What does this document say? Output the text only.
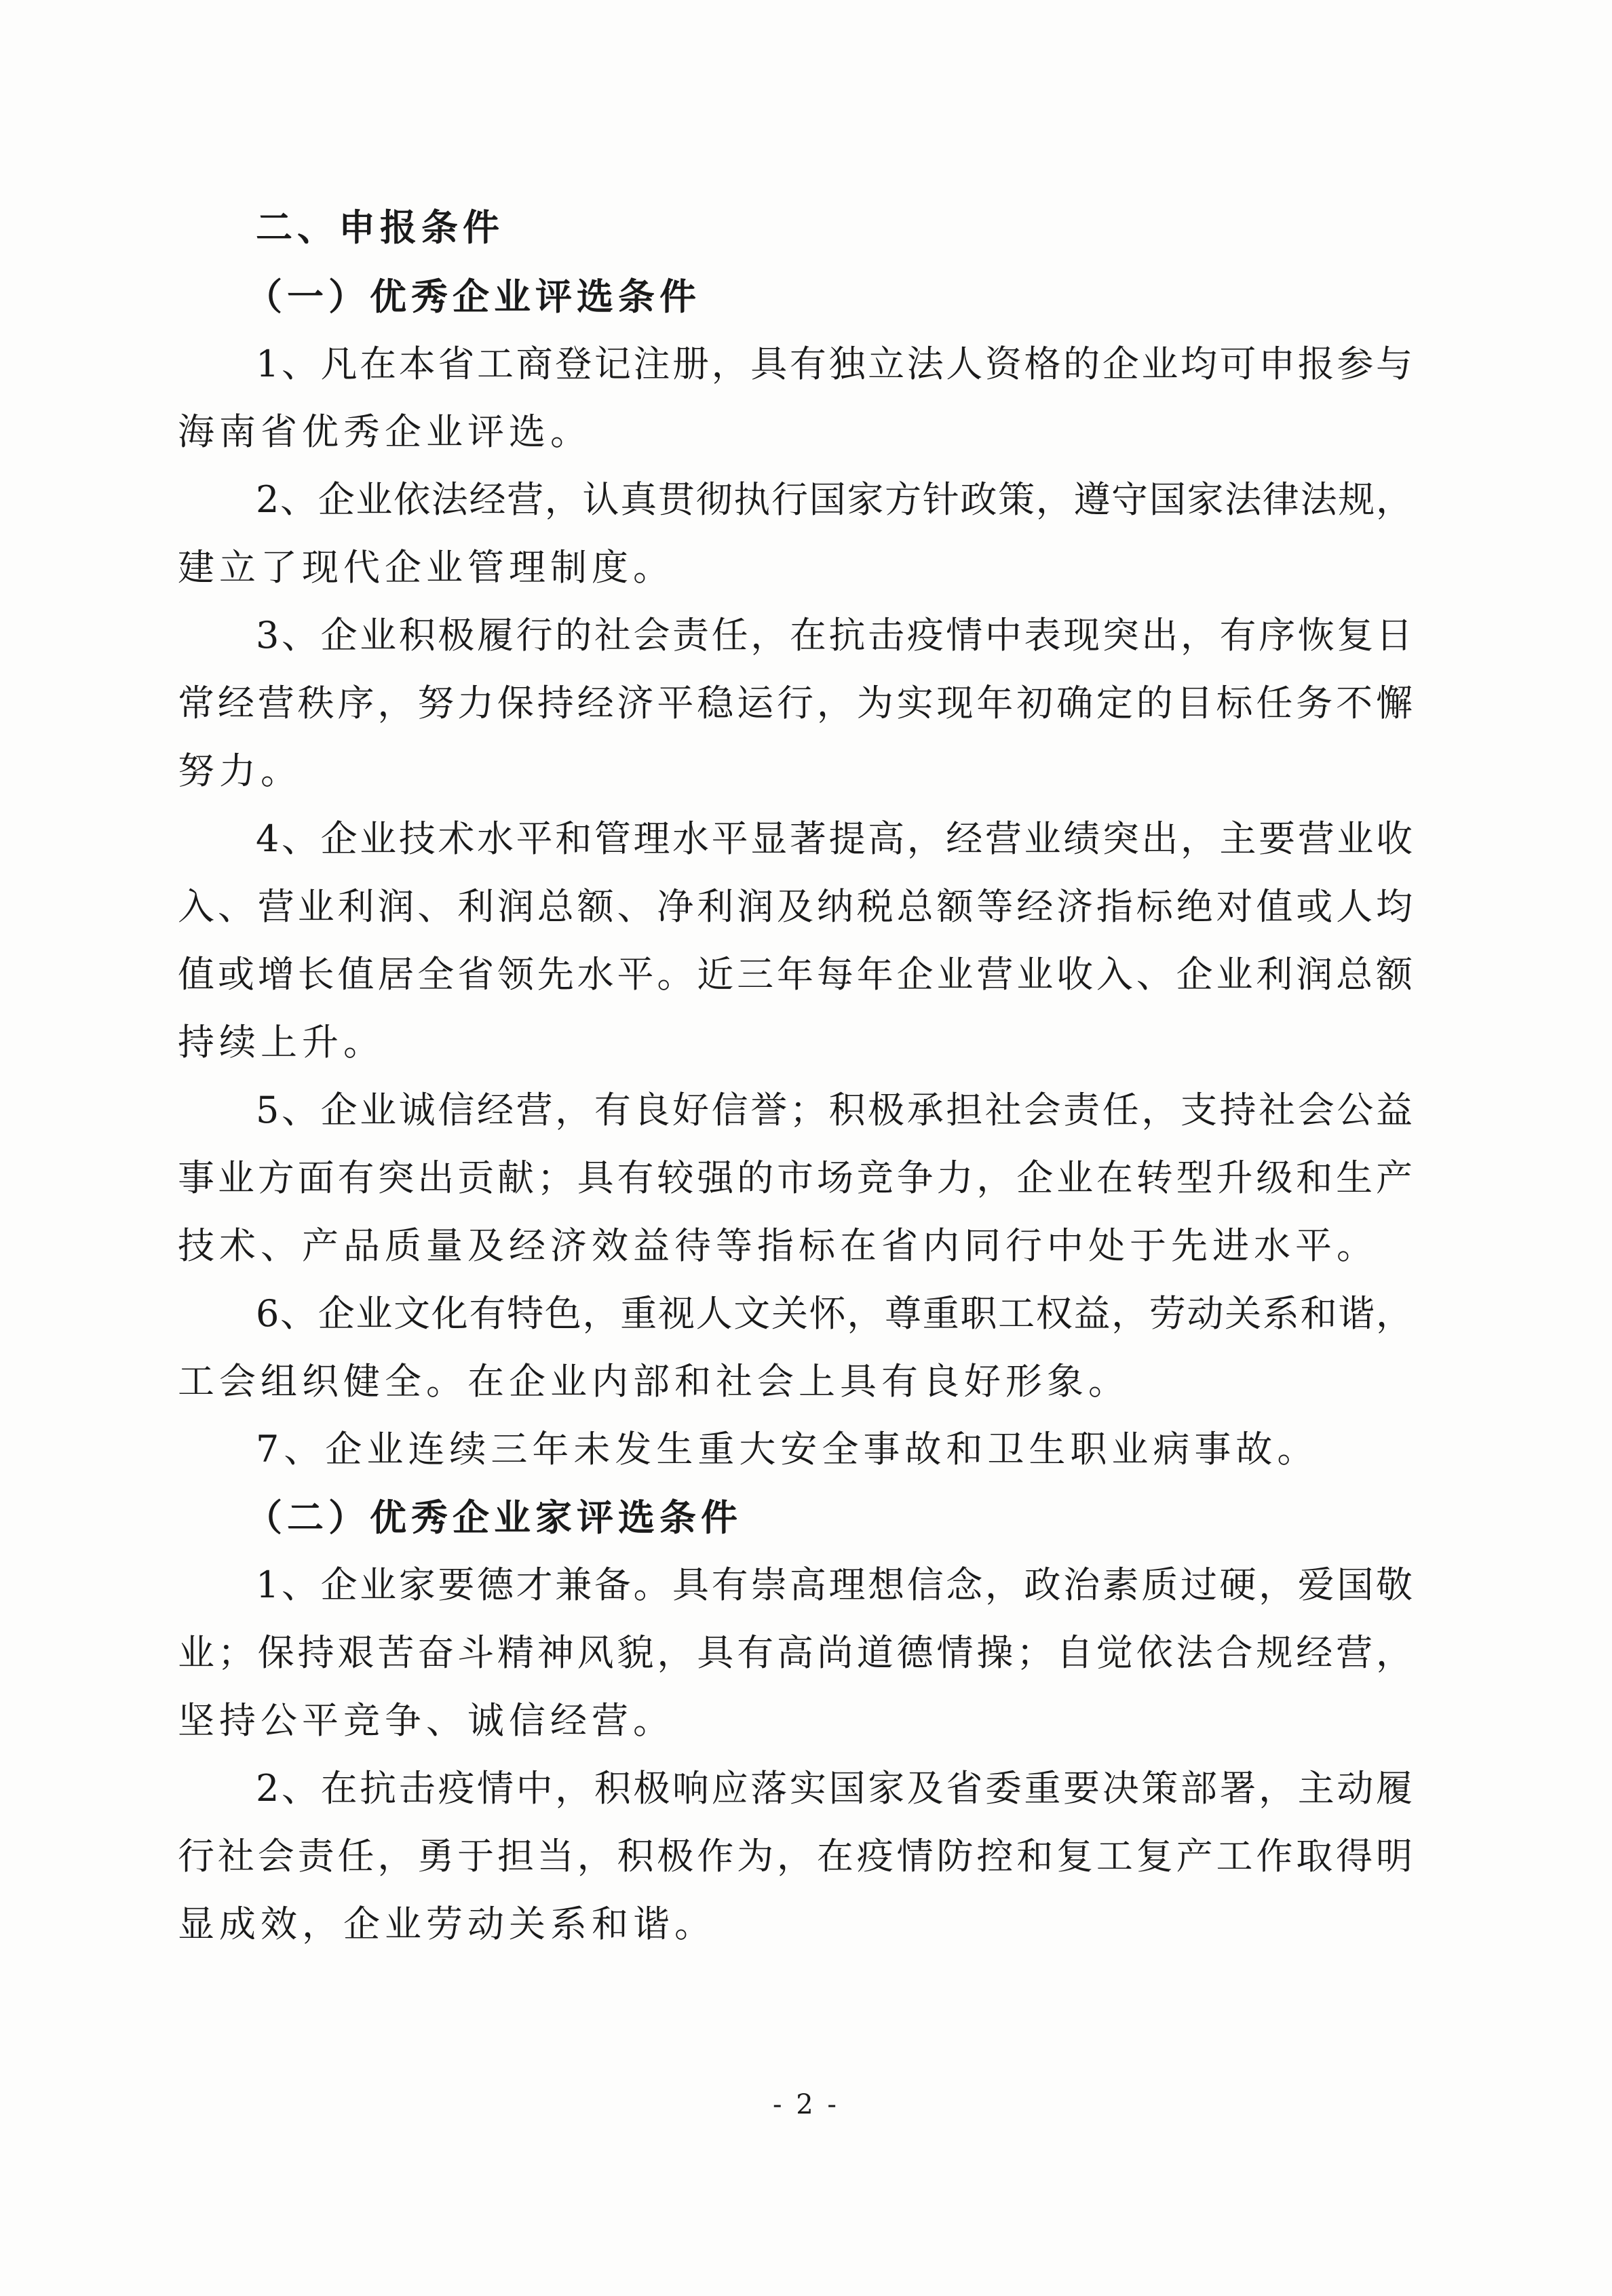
二、申报条件
（一）优秀企业评选条件
1、凡在本省工商登记注册，具有独立法人资格的企业均可申报参与
海南省优秀企业评选。
2、企业依法经营，认真贯彻执行国家方针政策，遵守国家法律法规，
建立了现代企业管理制度。
3、企业积极履行的社会责任，在抗击疫情中表现突出，有序恢复日
常经营秩序，努力保持经济平稳运行，为实现年初确定的目标任务不懈
努力。
4、企业技术水平和管理水平显著提高，经营业绩突出，主要营业收
入、营业利润、利润总额、净利润及纳税总额等经济指标绝对值或人均
值或增长值居全省领先水平。近三年每年企业营业收入、企业利润总额
持续上升。
5、企业诚信经营，有良好信誉；积极承担社会责任，支持社会公益
事业方面有突出贡献；具有较强的市场竞争力，企业在转型升级和生产
技术、产品质量及经济效益待等指标在省内同行中处于先进水平。
6、企业文化有特色，重视人文关怀，尊重职工权益，劳动关系和谐，
工会组织健全。在企业内部和社会上具有良好形象。
7、企业连续三年未发生重大安全事故和卫生职业病事故。
（二）优秀企业家评选条件
1、企业家要德才兼备。具有崇高理想信念，政治素质过硬，爱国敬
业；保持艰苦奋斗精神风貌，具有高尚道德情操；自觉依法合规经营，
坚持公平竞争、诚信经营。
2、在抗击疫情中，积极响应落实国家及省委重要决策部署，主动履
行社会责任，勇于担当，积极作为，在疫情防控和复工复产工作取得明
显成效，企业劳动关系和谐。
- 2 -
